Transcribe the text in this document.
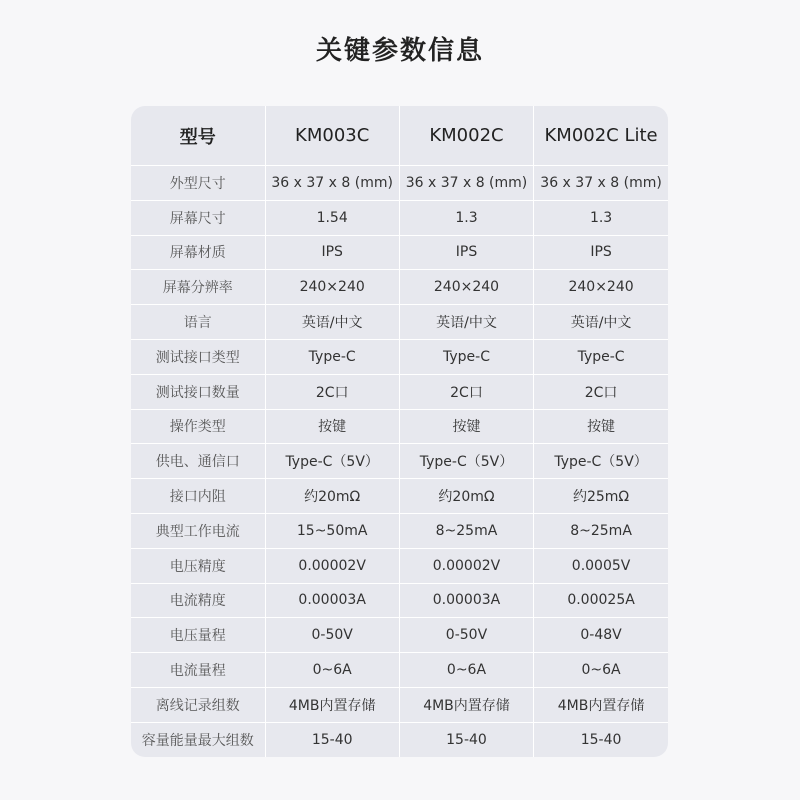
关键参数信息
型号	KM003C	KM002C	KM002C Lite
外型尺寸	36 x 37 x 8 (mm)	36 x 37 x 8 (mm)	36 x 37 x 8 (mm)
屏幕尺寸	1.54	1.3	1.3
屏幕材质	IPS	IPS	IPS
屏幕分辨率	240×240	240×240	240×240
语言	英语/中文	英语/中文	英语/中文
测试接口类型	Type-C	Type-C	Type-C
测试接口数量	2C口	2C口	2C口
操作类型	按键	按键	按键
供电、通信口	Type-C（5V）	Type-C（5V）	Type-C（5V）
接口内阻	约20mΩ	约20mΩ	约25mΩ
典型工作电流	15~50mA	8~25mA	8~25mA
电压精度	0.00002V	0.00002V	0.0005V
电流精度	0.00003A	0.00003A	0.00025A
电压量程	0-50V	0-50V	0-48V
电流量程	0~6A	0~6A	0~6A
离线记录组数	4MB内置存储	4MB内置存储	4MB内置存储
容量能量最大组数	15-40	15-40	15-40
